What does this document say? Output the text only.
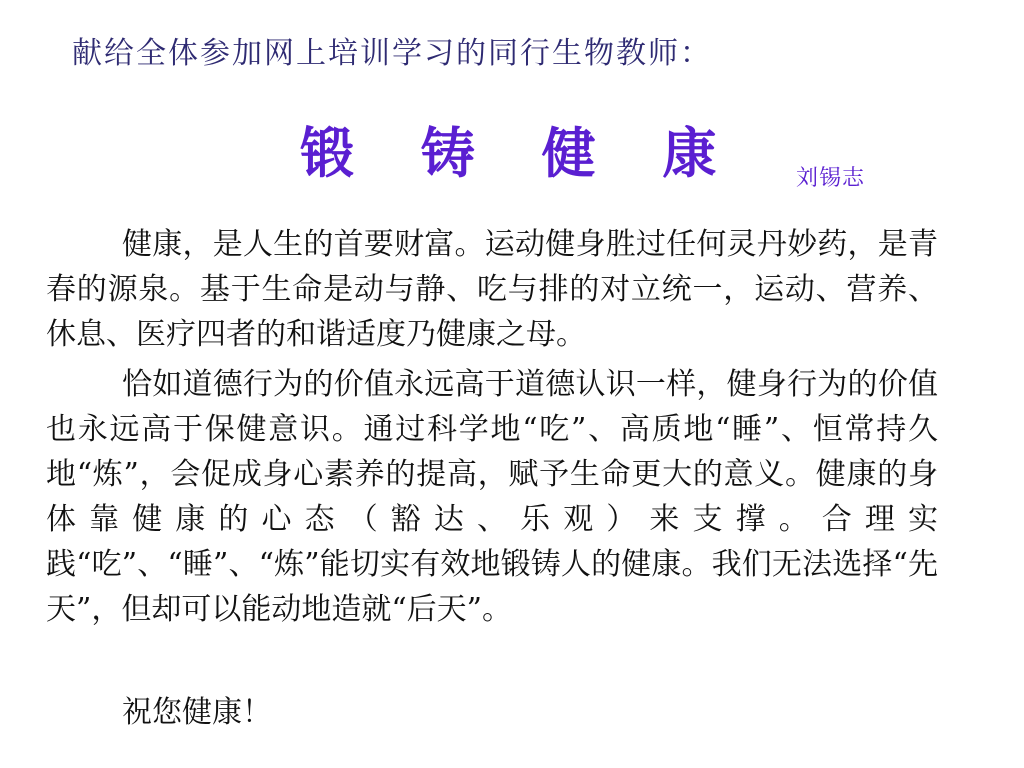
献给全体参加网上培训学习的同行生物教师：

锻 铸 健 康	刘锡志

健康，是人生的首要财富。运动健身胜过任何灵丹妙药，是青春的源泉。基于生命是动与静、吃与排的对立统一，运动、营养、休息、医疗四者的和谐适度乃健康之母。

恰如道德行为的价值永远高于道德认识一样，健身行为的价值也永远高于保健意识。通过科学地“吃”、高质地“睡”、恒常持久地“炼”，会促成身心素养的提高，赋予生命更大的意义。健康的身体靠健康的心态（豁达、乐观）来支撑。合理实践“吃”、“睡”、“炼”能切实有效地锻铸人的健康。我们无法选择“先天”，但却可以能动地造就“后天”。

祝您健康！
